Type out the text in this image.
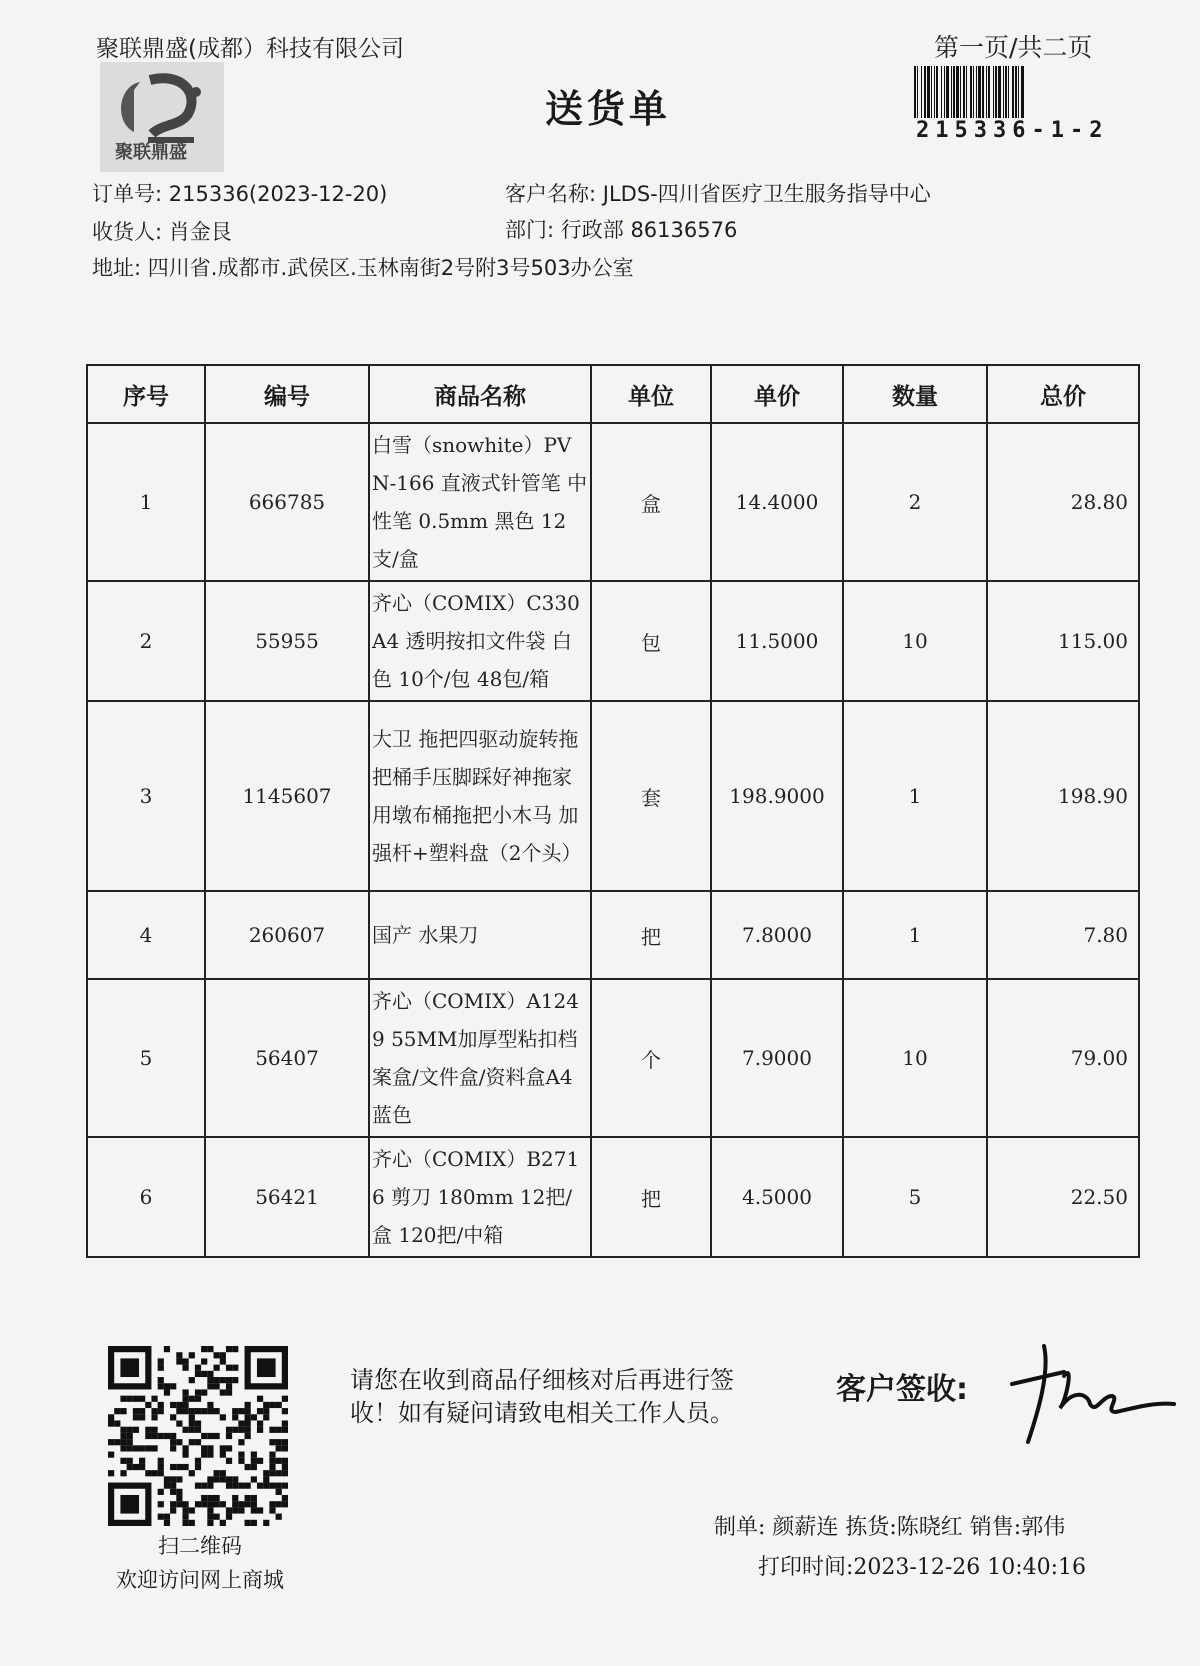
聚联鼎盛(成都）科技有限公司	第一页/共二页
聚联鼎盛
送货单	215336-1-2
订单号: 215336(2023-12-20)	客户名称: JLDS-四川省医疗卫生服务指导中心
收货人: 肖金艮	部门: 行政部 86136576
地址: 四川省.成都市.武侯区.玉林南街2号附3号503办公室
序号	编号	商品名称	单位	单价	数量	总价
1	666785	白雪（snowhite）PVN-166 直液式针管笔 中性笔 0.5mm 黑色 12支/盒	盒	14.4000	2	28.80
2	55955	齐心（COMIX）C330 A4 透明按扣文件袋 白色 10个/包 48包/箱	包	11.5000	10	115.00
3	1145607	大卫 拖把四驱动旋转拖把桶手压脚踩好神拖家用墩布桶拖把小木马 加强杆+塑料盘（2个头）	套	198.9000	1	198.90
4	260607	国产 水果刀	把	7.8000	1	7.80
5	56407	齐心（COMIX）A1249 55MM加厚型粘扣档案盒/文件盒/资料盒A4 蓝色	个	7.9000	10	79.00
6	56421	齐心（COMIX）B2716 剪刀 180mm 12把/盒 120把/中箱	把	4.5000	5	22.50
扫二维码
欢迎访问网上商城
请您在收到商品仔细核对后再进行签收！如有疑问请致电相关工作人员。
客户签收:
制单: 颜薪连 拣货:陈晓红 销售:郭伟
打印时间:2023-12-26 10:40:16
